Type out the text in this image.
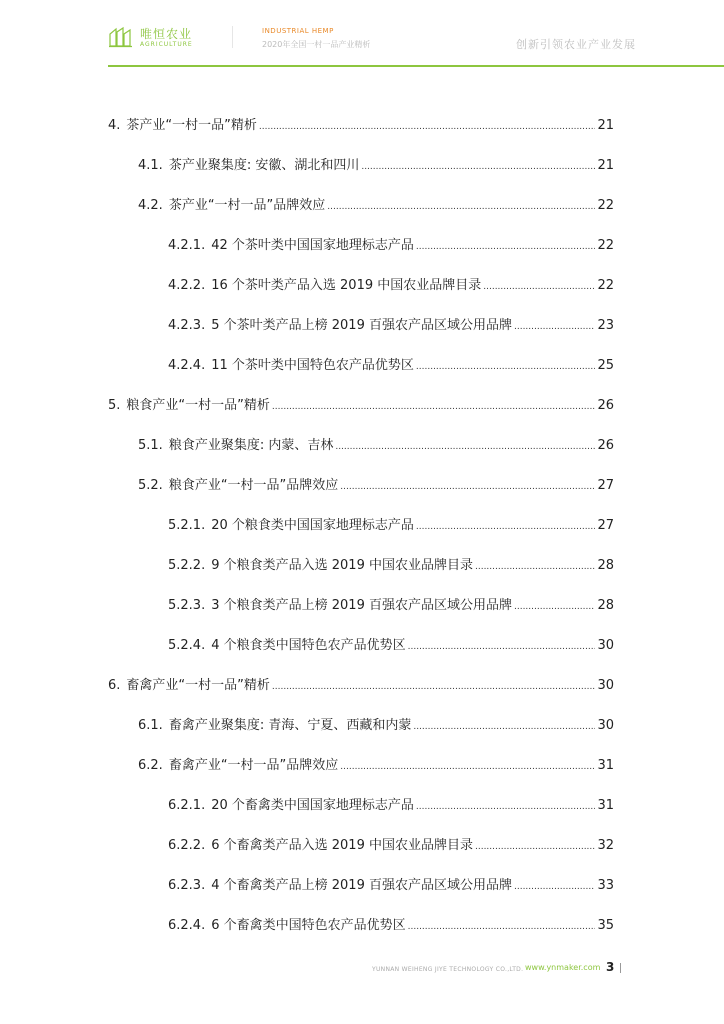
唯恒农业
AGRICULTURE
INDUSTRIAL HEMP
2020年全国一村一品产业精析	创新引领农业产业发展
4. 茶产业“一村一品”精析 .....	21
4.1. 茶产业聚集度: 安徽、湖北和四川 .....	21
4.2. 茶产业“一村一品”品牌效应 .....	22
4.2.1. 42 个茶叶类中国国家地理标志产品 .....	22
4.2.2. 16 个茶叶类产品入选 2019 中国农业品牌目录 .....	22
4.2.3. 5 个茶叶类产品上榜 2019 百强农产品区域公用品牌 .....	23
4.2.4. 11 个茶叶类中国特色农产品优势区 .....	25
5. 粮食产业“一村一品”精析 .....	26
5.1. 粮食产业聚集度: 内蒙、吉林 .....	26
5.2. 粮食产业“一村一品”品牌效应 .....	27
5.2.1. 20 个粮食类中国国家地理标志产品 .....	27
5.2.2. 9 个粮食类产品入选 2019 中国农业品牌目录 .....	28
5.2.3. 3 个粮食类产品上榜 2019 百强农产品区域公用品牌 .....	28
5.2.4. 4 个粮食类中国特色农产品优势区 .....	30
6. 畜禽产业“一村一品”精析 .....	30
6.1. 畜禽产业聚集度: 青海、宁夏、西藏和内蒙 .....	30
6.2. 畜禽产业“一村一品”品牌效应 .....	31
6.2.1. 20 个畜禽类中国国家地理标志产品 .....	31
6.2.2. 6 个畜禽类产品入选 2019 中国农业品牌目录 .....	32
6.2.3. 4 个畜禽类产品上榜 2019 百强农产品区域公用品牌 .....	33
6.2.4. 6 个畜禽类中国特色农产品优势区 .....	35
YUNNAN WEIHENG JIYE TECHNOLOGY CO.,LTD. www.ynmaker.com 3
